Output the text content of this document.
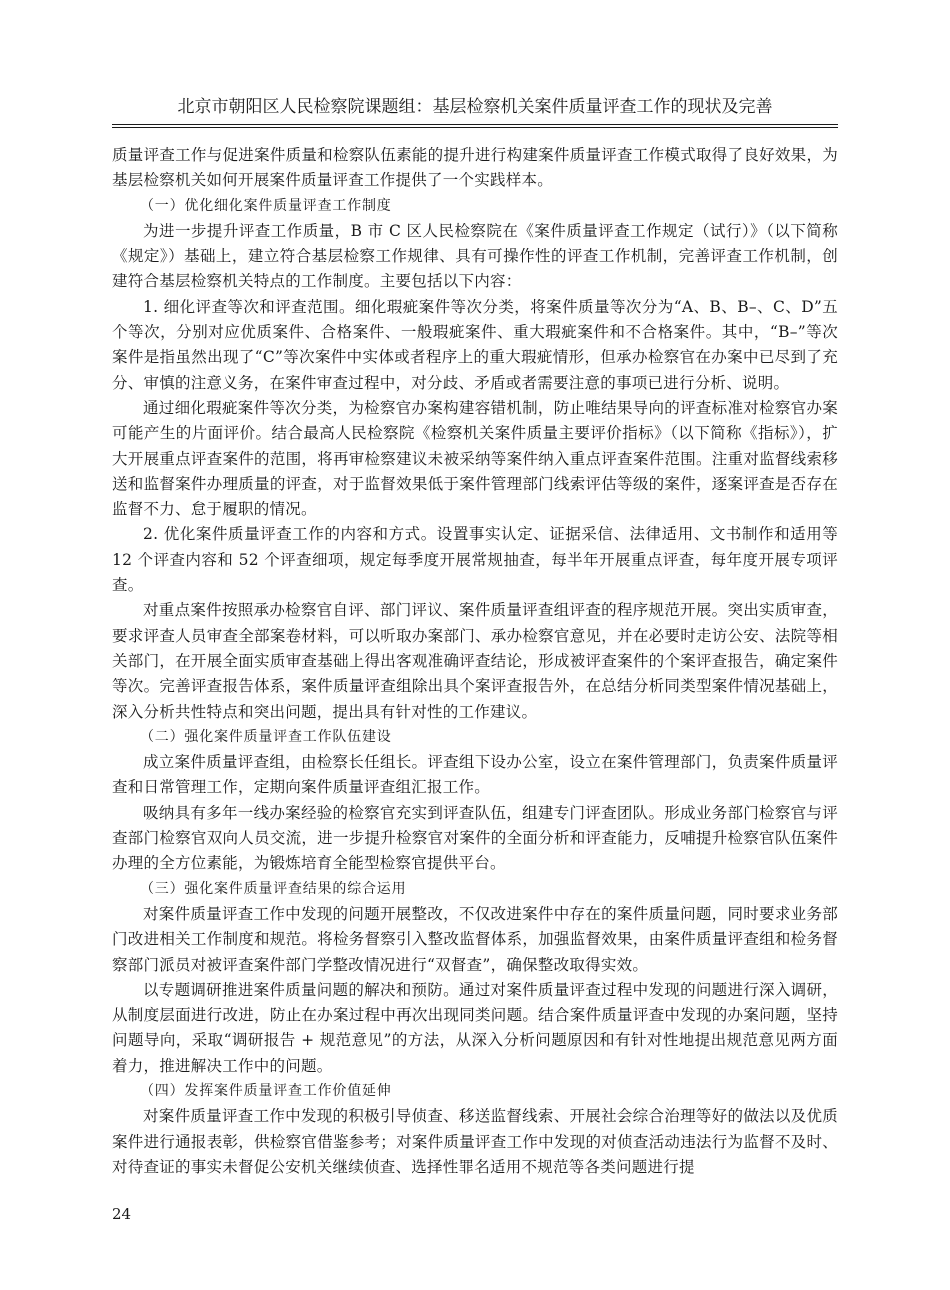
北京市朝阳区人民检察院课题组：基层检察机关案件质量评查工作的现状及完善

质量评查工作与促进案件质量和检察队伍素能的提升进行构建案件质量评查工作模式取得了良好效果，为基层检察机关如何开展案件质量评查工作提供了一个实践样本。

（一）优化细化案件质量评查工作制度

为进一步提升评查工作质量，B 市 C 区人民检察院在《案件质量评查工作规定（试行）》（以下简称《规定》）基础上，建立符合基层检察工作规律、具有可操作性的评查工作机制，完善评查工作机制，创建符合基层检察机关特点的工作制度。主要包括以下内容：

1. 细化评查等次和评查范围。细化瑕疵案件等次分类，将案件质量等次分为“A、B、B–、C、D”五个等次，分别对应优质案件、合格案件、一般瑕疵案件、重大瑕疵案件和不合格案件。其中，“B–”等次案件是指虽然出现了“C”等次案件中实体或者程序上的重大瑕疵情形，但承办检察官在办案中已尽到了充分、审慎的注意义务，在案件审查过程中，对分歧、矛盾或者需要注意的事项已进行分析、说明。

通过细化瑕疵案件等次分类，为检察官办案构建容错机制，防止唯结果导向的评查标准对检察官办案可能产生的片面评价。结合最高人民检察院《检察机关案件质量主要评价指标》（以下简称《指标》），扩大开展重点评查案件的范围，将再审检察建议未被采纳等案件纳入重点评查案件范围。注重对监督线索移送和监督案件办理质量的评查，对于监督效果低于案件管理部门线索评估等级的案件，逐案评查是否存在监督不力、怠于履职的情况。

2. 优化案件质量评查工作的内容和方式。设置事实认定、证据采信、法律适用、文书制作和适用等 12 个评查内容和 52 个评查细项，规定每季度开展常规抽查，每半年开展重点评查，每年度开展专项评查。

对重点案件按照承办检察官自评、部门评议、案件质量评查组评查的程序规范开展。突出实质审查，要求评查人员审查全部案卷材料，可以听取办案部门、承办检察官意见，并在必要时走访公安、法院等相关部门，在开展全面实质审查基础上得出客观准确评查结论，形成被评查案件的个案评查报告，确定案件等次。完善评查报告体系，案件质量评查组除出具个案评查报告外，在总结分析同类型案件情况基础上，深入分析共性特点和突出问题，提出具有针对性的工作建议。

（二）强化案件质量评查工作队伍建设

成立案件质量评查组，由检察长任组长。评查组下设办公室，设立在案件管理部门，负责案件质量评查和日常管理工作，定期向案件质量评查组汇报工作。

吸纳具有多年一线办案经验的检察官充实到评查队伍，组建专门评查团队。形成业务部门检察官与评查部门检察官双向人员交流，进一步提升检察官对案件的全面分析和评查能力，反哺提升检察官队伍案件办理的全方位素能，为锻炼培育全能型检察官提供平台。

（三）强化案件质量评查结果的综合运用

对案件质量评查工作中发现的问题开展整改，不仅改进案件中存在的案件质量问题，同时要求业务部门改进相关工作制度和规范。将检务督察引入整改监督体系，加强监督效果，由案件质量评查组和检务督察部门派员对被评查案件部门学整改情况进行“双督查”，确保整改取得实效。

以专题调研推进案件质量问题的解决和预防。通过对案件质量评查过程中发现的问题进行深入调研，从制度层面进行改进，防止在办案过程中再次出现同类问题。结合案件质量评查中发现的办案问题，坚持问题导向，采取“调研报告 + 规范意见”的方法，从深入分析问题原因和有针对性地提出规范意见两方面着力，推进解决工作中的问题。

（四）发挥案件质量评查工作价值延伸

对案件质量评查工作中发现的积极引导侦查、移送监督线索、开展社会综合治理等好的做法以及优质案件进行通报表彰，供检察官借鉴参考；对案件质量评查工作中发现的对侦查活动违法行为监督不及时、对待查证的事实未督促公安机关继续侦查、选择性罪名适用不规范等各类问题进行提

24
